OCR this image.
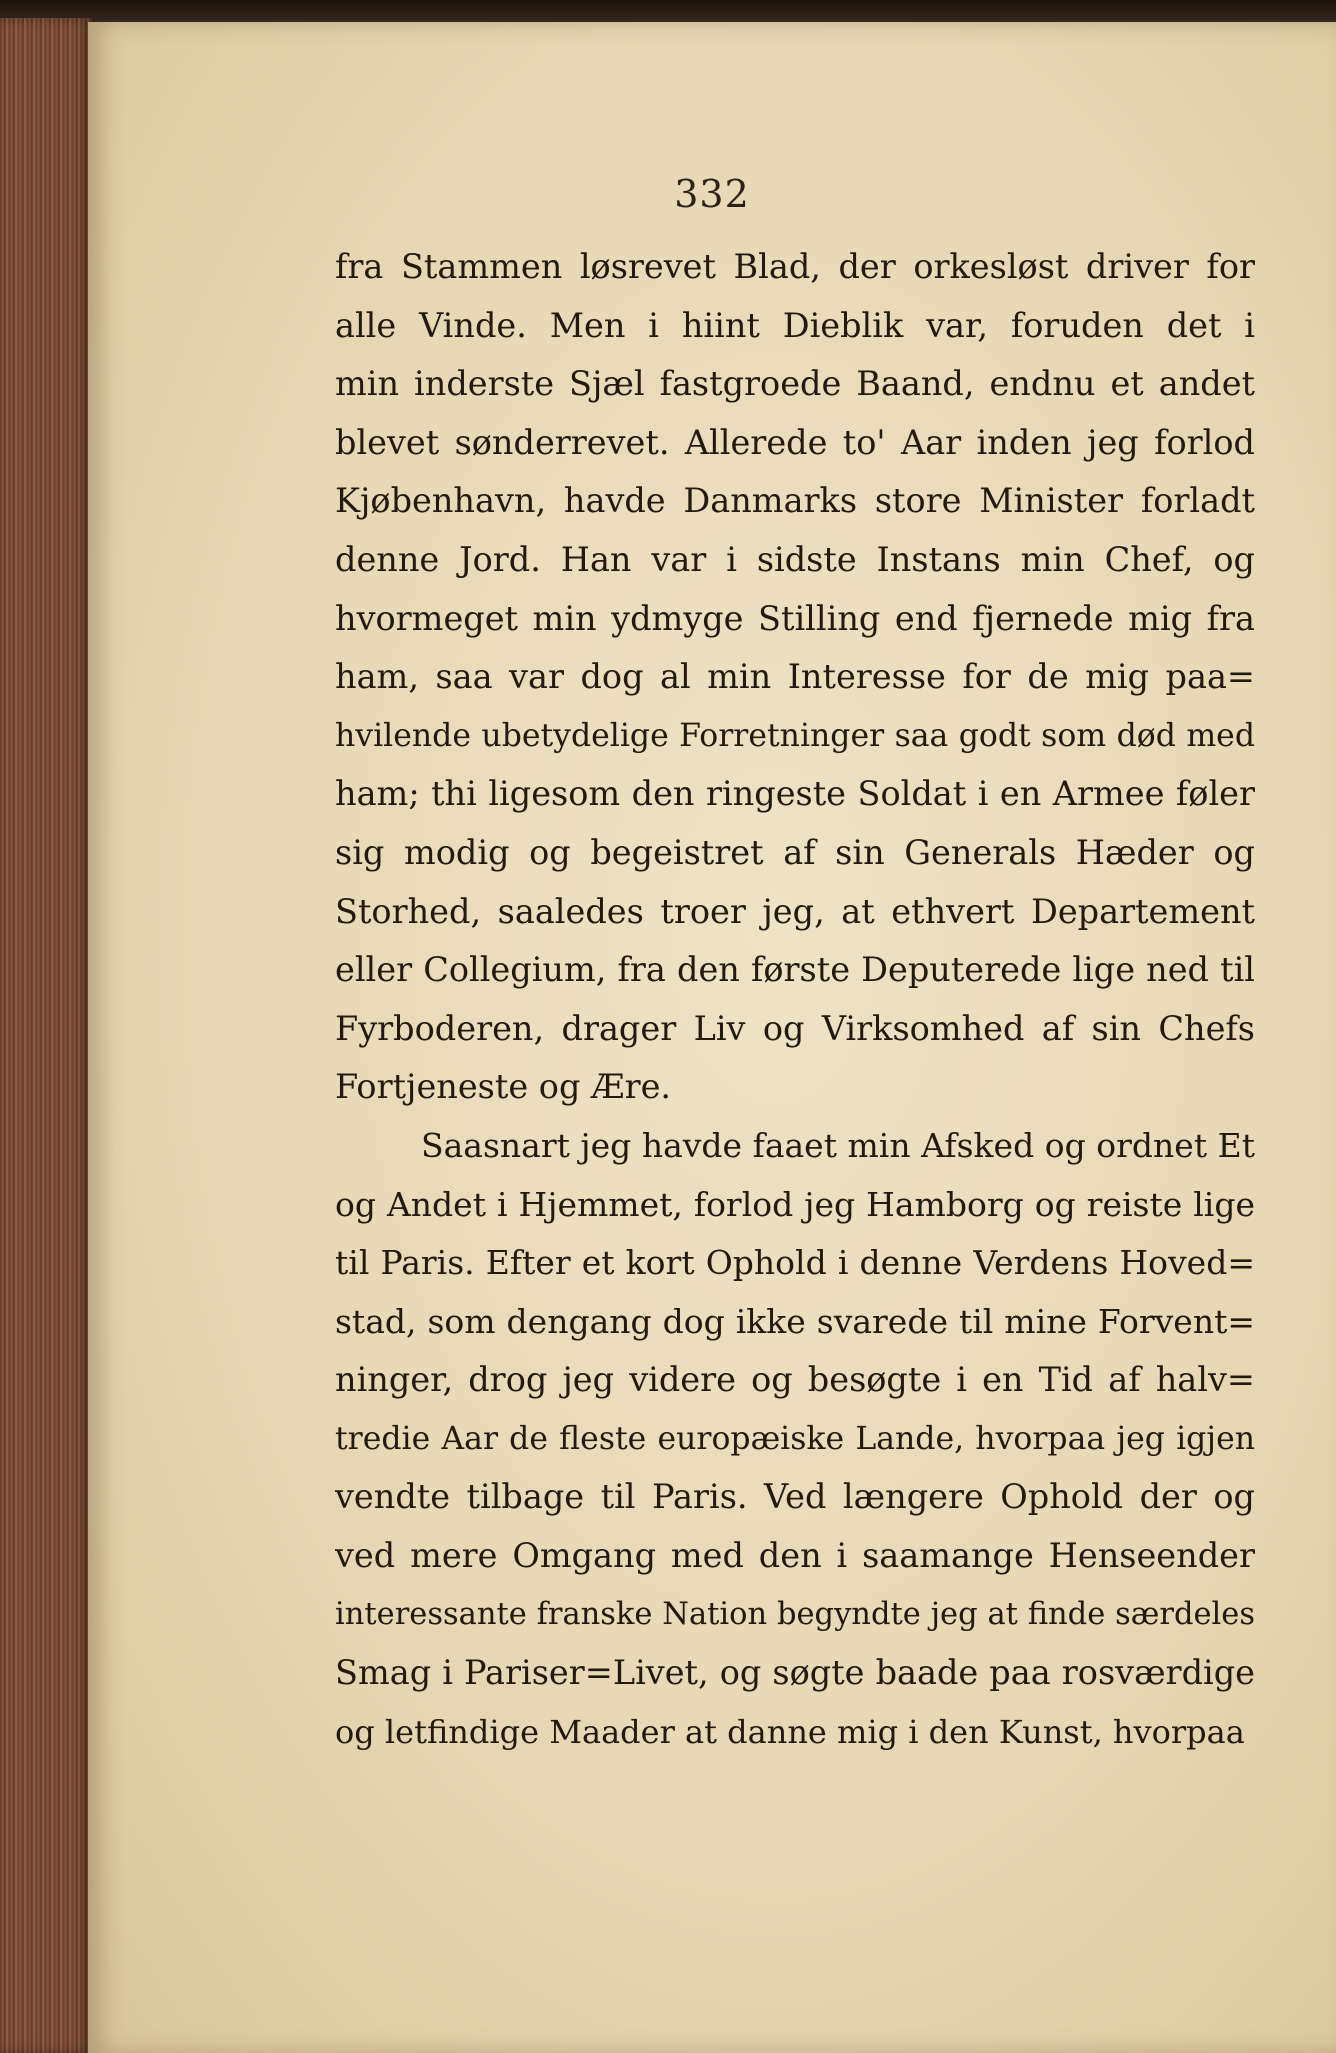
332
fra Stammen løsrevet Blad, der orkesløst driver for
alle Vinde. Men i hiint Dieblik var, foruden det i
min inderste Sjæl fastgroede Baand, endnu et andet
blevet sønderrevet. Allerede to' Aar inden jeg forlod
Kjøbenhavn, havde Danmarks store Minister forladt
denne Jord. Han var i sidste Instans min Chef, og
hvormeget min ydmyge Stilling end fjernede mig fra
ham, saa var dog al min Interesse for de mig paa=
hvilende ubetydelige Forretninger saa godt som død med
ham; thi ligesom den ringeste Soldat i en Armee føler
sig modig og begeistret af sin Generals Hæder og
Storhed, saaledes troer jeg, at ethvert Departement
eller Collegium, fra den første Deputerede lige ned til
Fyrboderen, drager Liv og Virksomhed af sin Chefs
Fortjeneste og Ære.
Saasnart jeg havde faaet min Afsked og ordnet Et
og Andet i Hjemmet, forlod jeg Hamborg og reiste lige
til Paris. Efter et kort Ophold i denne Verdens Hoved=
stad, som dengang dog ikke svarede til mine Forvent=
ninger, drog jeg videre og besøgte i en Tid af halv=
tredie Aar de fleste europæiske Lande, hvorpaa jeg igjen
vendte tilbage til Paris. Ved længere Ophold der og
ved mere Omgang med den i saamange Henseender
interessante franske Nation begyndte jeg at finde særdeles
Smag i Pariser=Livet, og søgte baade paa rosværdige
og letfindige Maader at danne mig i den Kunst, hvorpaa
